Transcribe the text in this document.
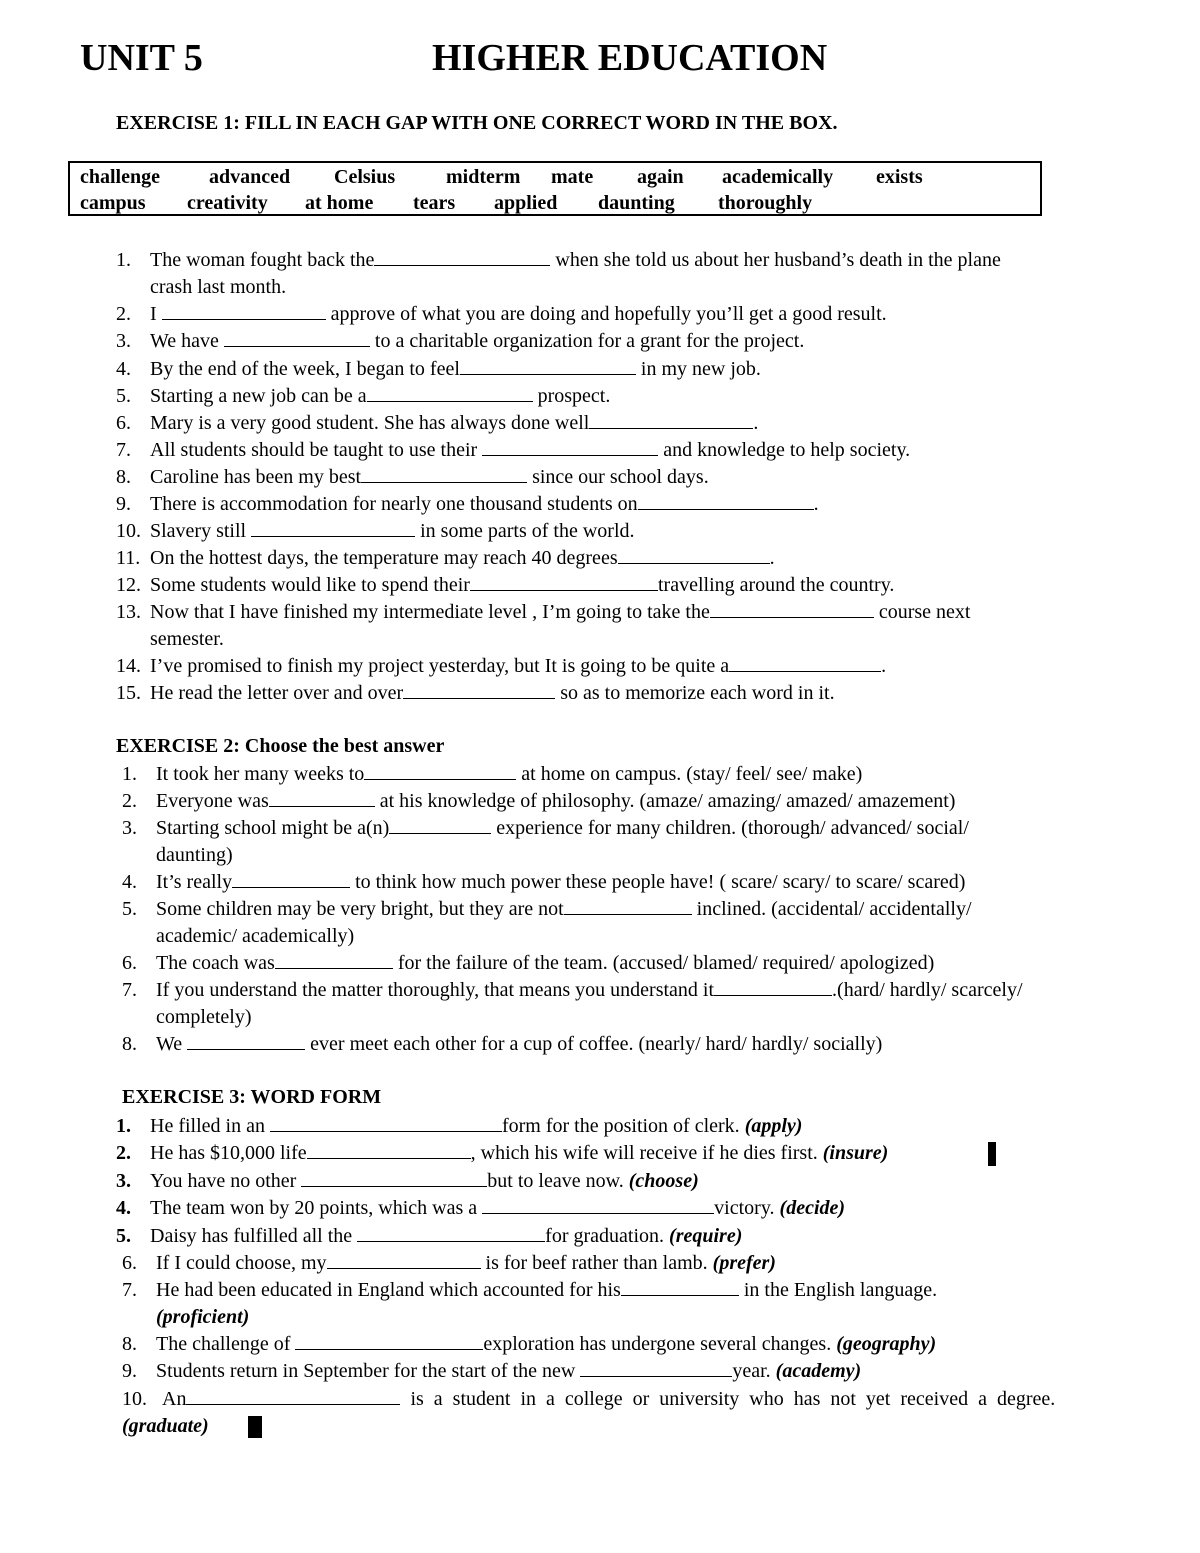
UNIT 5	HIGHER EDUCATION
EXERCISE 1: FILL IN EACH GAP WITH ONE CORRECT WORD IN THE BOX.
challenge advanced Celsius	midterm mate again academically exists
campus creativity at home tears applied daunting thoroughly
1. The woman fought back the	when she told us about her husband’s death in the plane
crash last month.
2. I	approve of what you are doing and hopefully you’ll get a good result.
3. We have	to a charitable organization for a grant for the project.
4. By the end of the week, I began to feel	in my new job.
5. Starting a new job can be a	prospect.
6. Mary is a very good student. She has always done well	.
7. All students should be taught to use their	and knowledge to help society.
8. Caroline has been my best	since our school days.
9. There is accommodation for nearly one thousand students on	.
10. Slavery still	in some parts of the world.
11. On the hottest days, the temperature may reach 40 degrees	.
12. Some students would like to spend their	travelling around the country.
13. Now that I have finished my intermediate level , I’m going to take the	course next
semester.
14. I’ve promised to finish my project yesterday, but It is going to be quite a	.
15. He read the letter over and over	so as to memorize each word in it.
EXERCISE 2: Choose the best answer
1. It took her many weeks to	at home on campus. (stay/ feel/ see/ make)
2. Everyone was	at his knowledge of philosophy. (amaze/ amazing/ amazed/ amazement)
3. Starting school might be a(n)	experience for many children. (thorough/ advanced/ social/
daunting)
4. It’s really	to think how much power these people have! ( scare/ scary/ to scare/ scared)
5. Some children may be very bright, but they are not	inclined. (accidental/ accidentally/
academic/ academically)
6. The coach was	for the failure of the team. (accused/ blamed/ required/ apologized)
7. If you understand the matter thoroughly, that means you understand it	.(hard/ hardly/ scarcely/
completely)
8. We	ever meet each other for a cup of coffee. (nearly/ hard/ hardly/ socially)
EXERCISE 3: WORD FORM
1. He filled in an	form for the position of clerk. (apply)
2. He has $10,000 life	, which his wife will receive if he dies first. (insure)
3. You have no other	but to leave now. (choose)
4. The team won by 20 points, which was a	victory. (decide)
5. Daisy has fulfilled all the	for graduation. (require)
6. If I could choose, my	is for beef rather than lamb. (prefer)
7. He had been educated in England which accounted for his	in the English language.
(proficient)
8. The challenge of	exploration has undergone several changes. (geography)
9. Students return in September for the start of the new	year. (academy)
10. An	is a student in a college or university who has not yet received a degree.
(graduate)
